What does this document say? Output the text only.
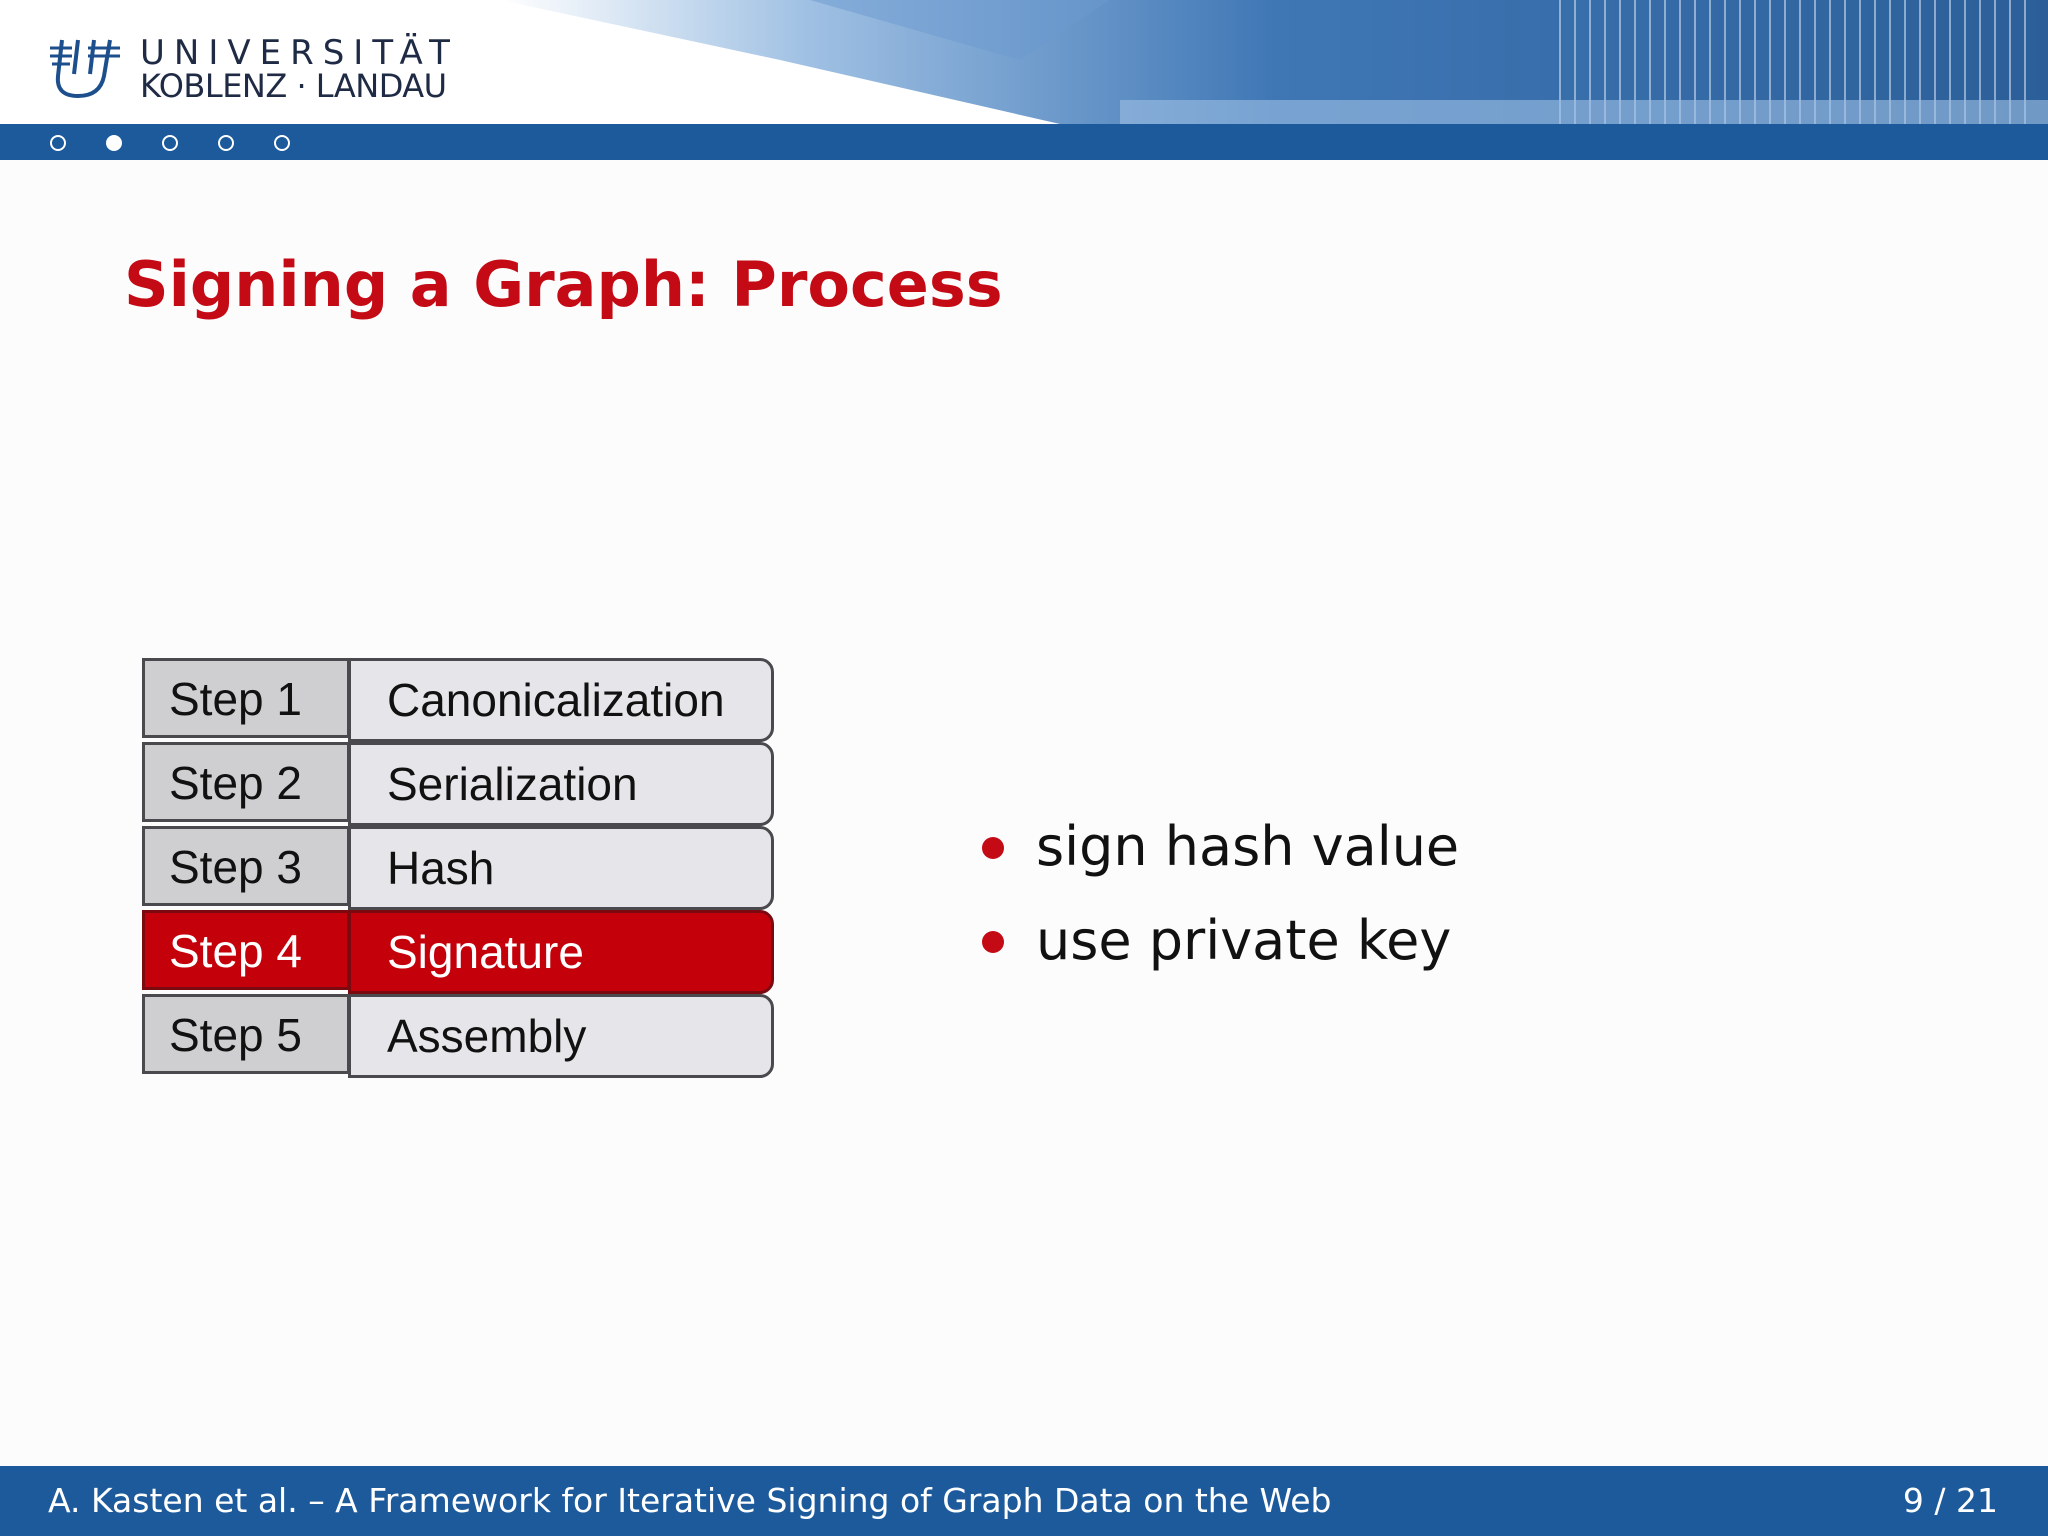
UNIVERSITÄT
KOBLENZ · LANDAU
Signing a Graph: Process
Step 1	Canonicalization
Step 2	Serialization
Step 3	Hash
Step 4	Signature
Step 5	Assembly
sign hash value
use private key
A. Kasten et al. – A Framework for Iterative Signing of Graph Data on the Web	9 / 21
